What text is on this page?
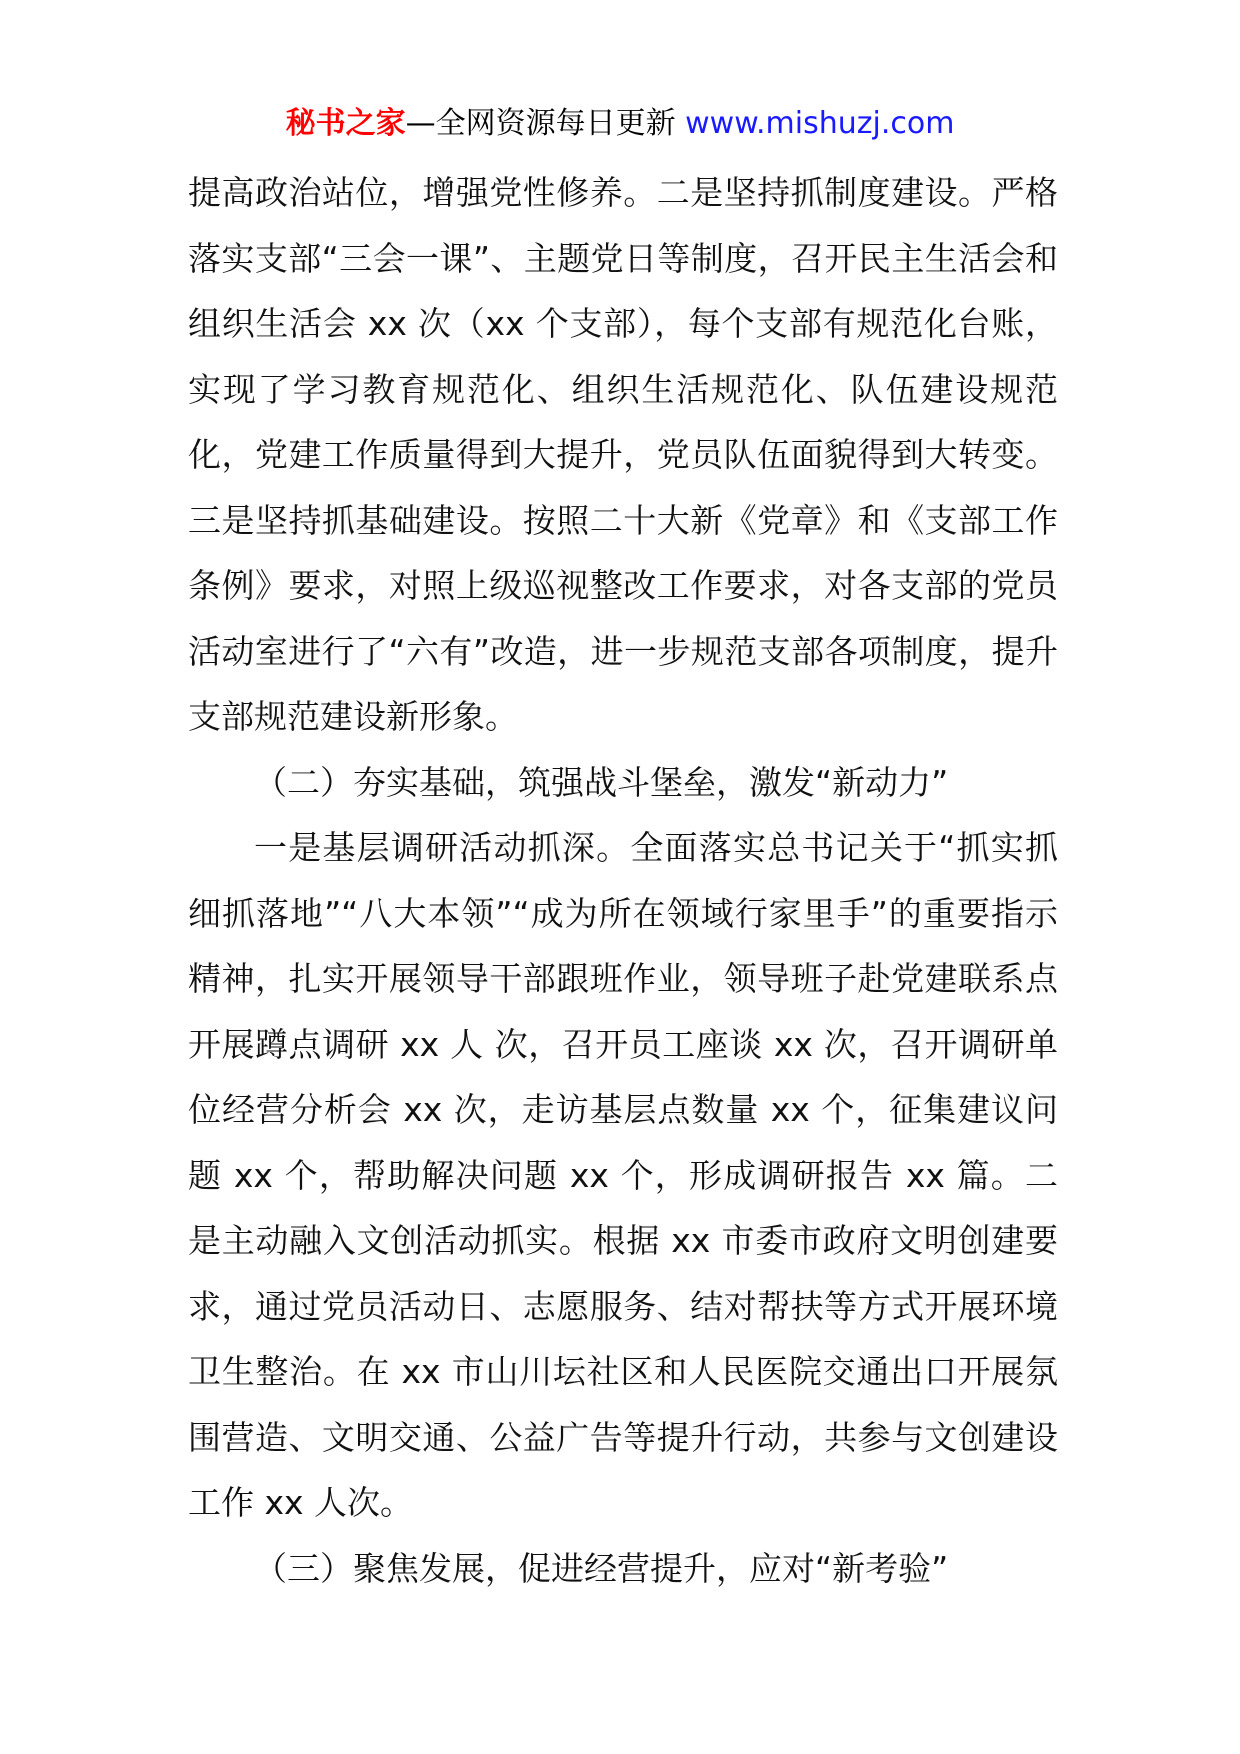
秘书之家—全网资源每日更新 www.mishuzj.com

提高政治站位，增强党性修养。二是坚持抓制度建设。严格落实支部“三会一课”、主题党日等制度，召开民主生活会和组织生活会 xx 次（xx 个支部），每个支部有规范化台账，实现了学习教育规范化、组织生活规范化、队伍建设规范化，党建工作质量得到大提升，党员队伍面貌得到大转变。三是坚持抓基础建设。按照二十大新《党章》和《支部工作条例》要求，对照上级巡视整改工作要求，对各支部的党员活动室进行了“六有”改造，进一步规范支部各项制度，提升支部规范建设新形象。

（二）夯实基础，筑强战斗堡垒，激发“新动力”

一是基层调研活动抓深。全面落实总书记关于“抓实抓细抓落地”“八大本领”“成为所在领域行家里手”的重要指示精神，扎实开展领导干部跟班作业，领导班子赴党建联系点开展蹲点调研 xx 人 次，召开员工座谈 xx 次，召开调研单位经营分析会 xx 次，走访基层点数量 xx 个，征集建议问题 xx 个，帮助解决问题 xx 个，形成调研报告 xx 篇。二是主动融入文创活动抓实。根据 xx 市委市政府文明创建要求，通过党员活动日、志愿服务、结对帮扶等方式开展环境卫生整治。在 xx 市山川坛社区和人民医院交通出口开展氛围营造、文明交通、公益广告等提升行动，共参与文创建设工作 xx 人次。

（三）聚焦发展，促进经营提升，应对“新考验”
